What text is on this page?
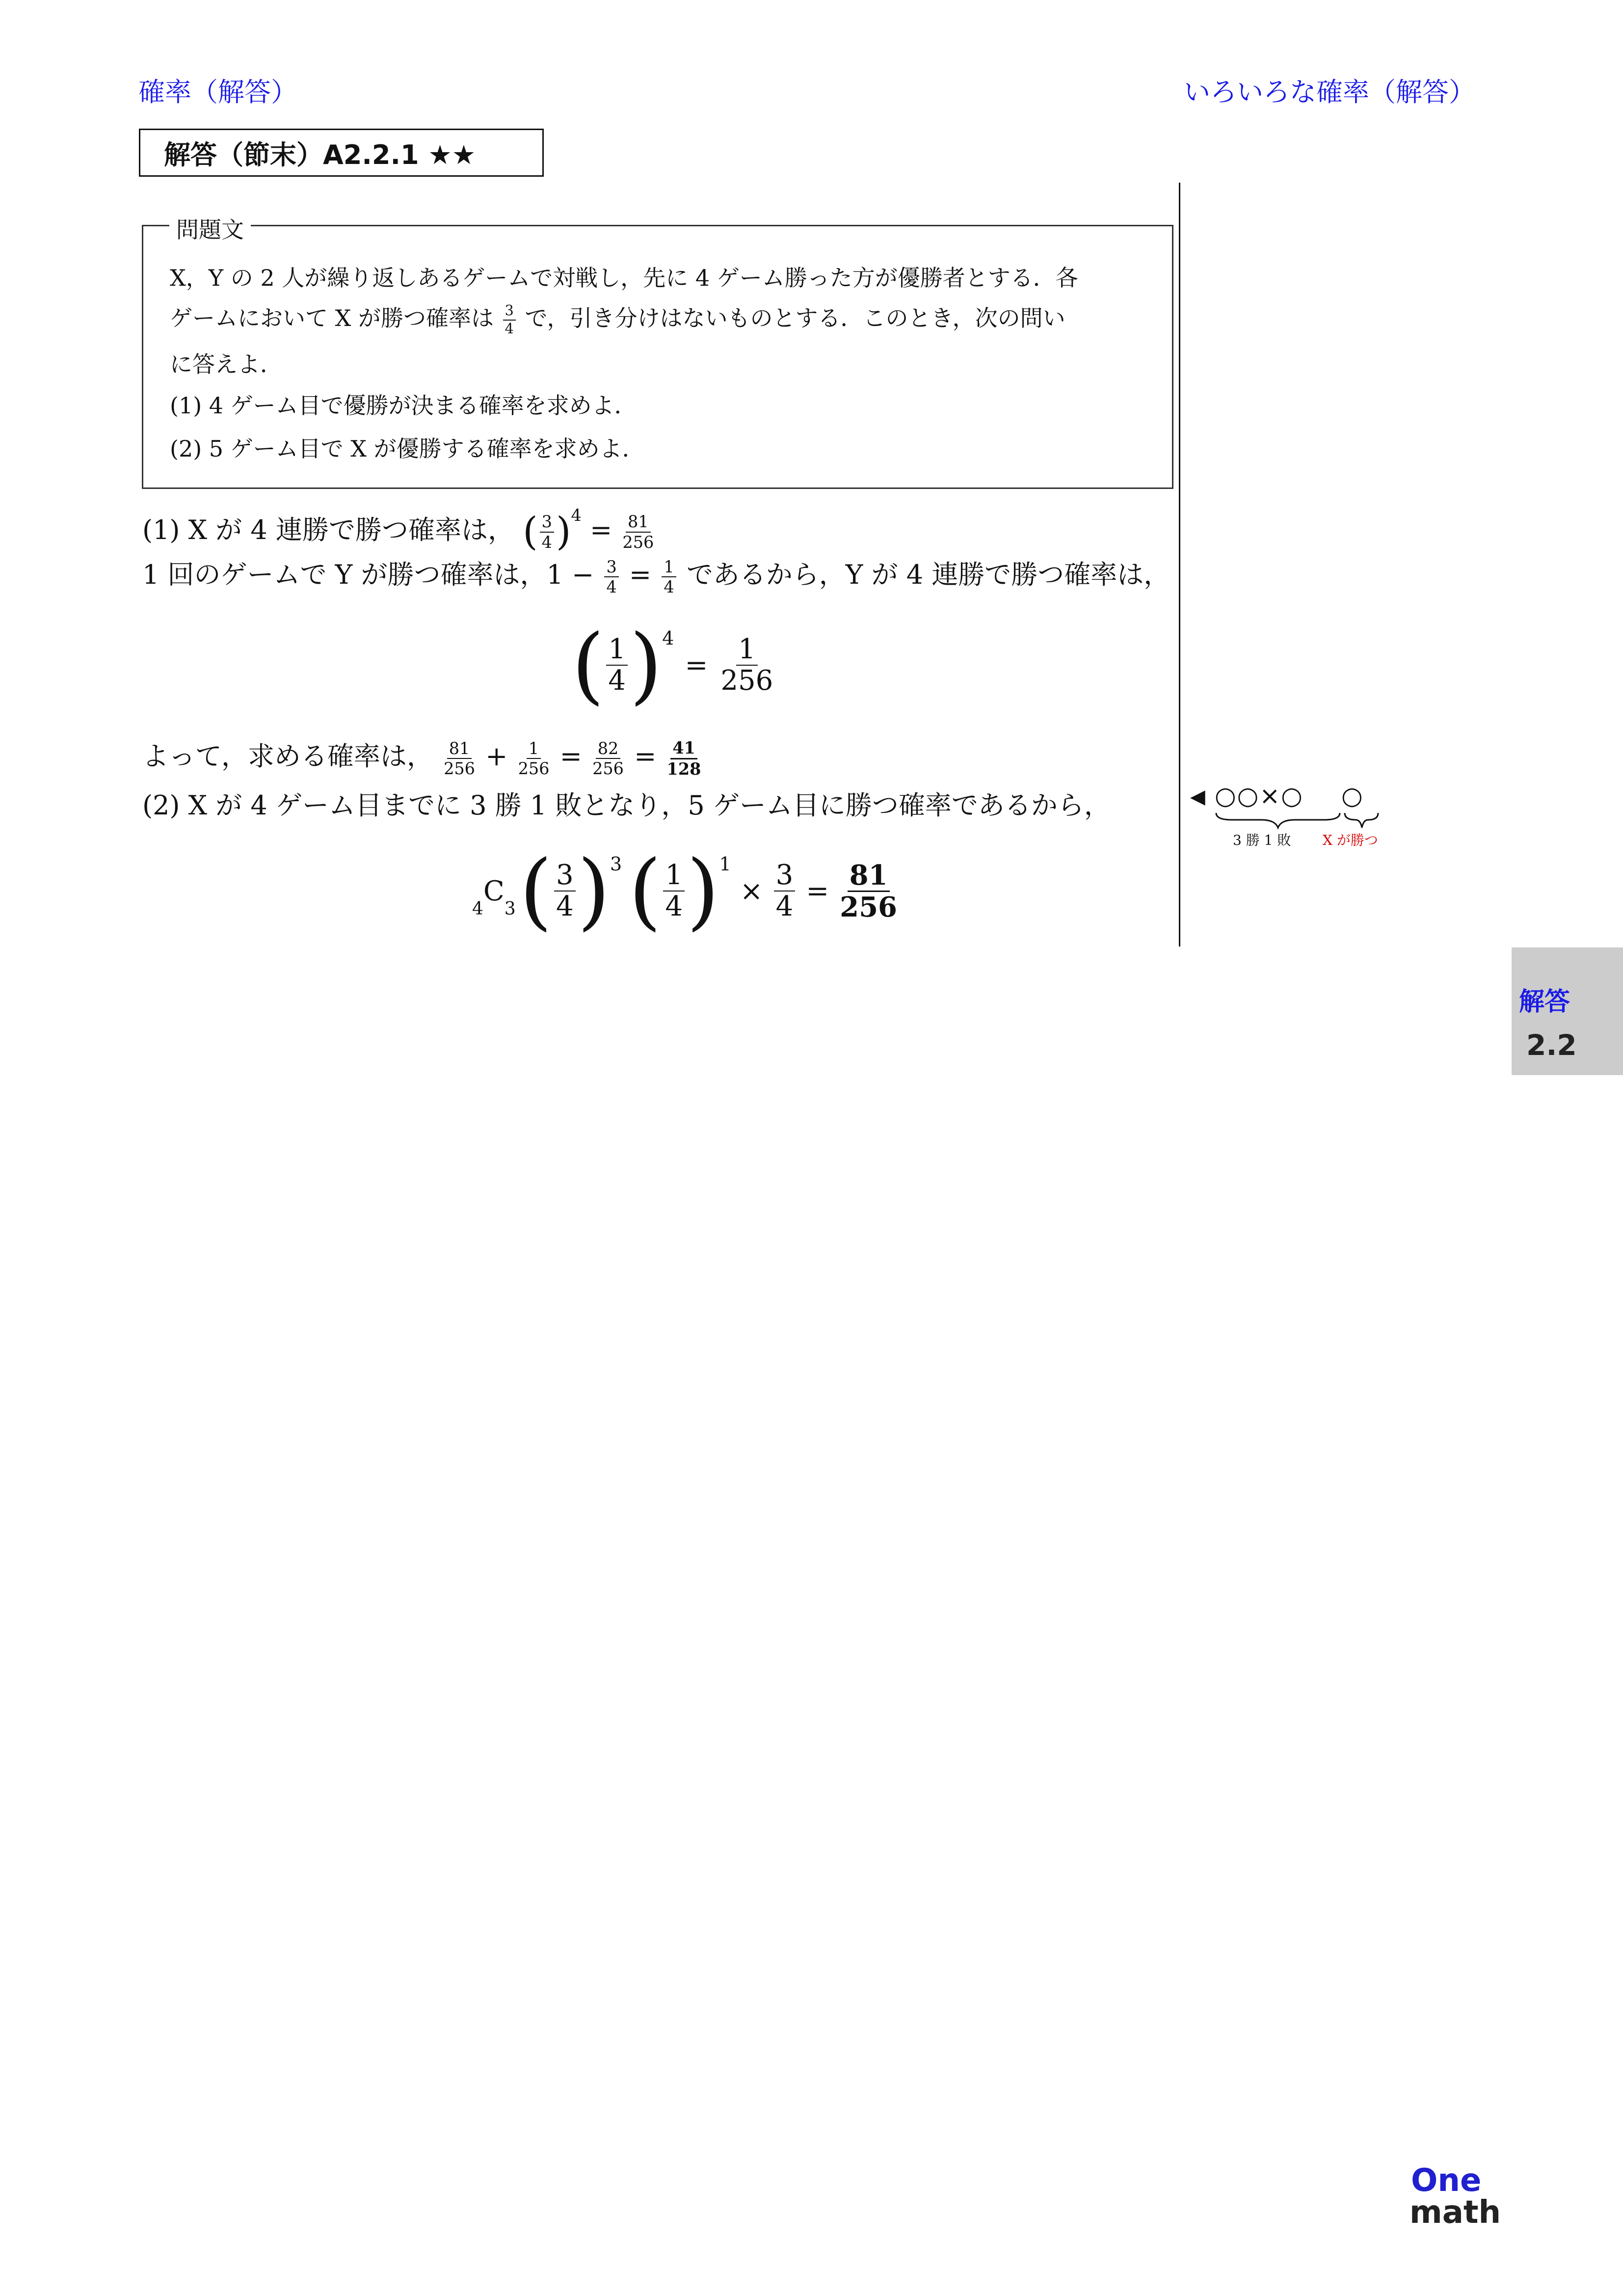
確率（解答）	いろいろな確率（解答）
解答（節末）A2.2.1 ★★
問題文
X，Y の 2 人が繰り返しあるゲームで対戦し，先に 4 ゲーム勝った方が優勝者とする．各
ゲームにおいて X が勝つ確率は $\frac{3}{4}$ で，引き分けはないものとする．このとき，次の問い
に答えよ．
(1) 4 ゲーム目で優勝が決まる確率を求めよ．
(2) 5 ゲーム目で X が優勝する確率を求めよ．
(1) X が 4 連勝で勝つ確率は， ( $\frac{3}{4} )^4 = \frac{81}{256}$
1 回のゲームで Y が勝つ確率は，$1 - \frac{3}{4} = \frac{1}{4}$ であるから，Y が 4 連勝で勝つ確率は，
( $\frac{1}{4}$ ) 4
= $\frac{1}{256}$
よって，求める確率は， $\frac{81}{256} + \frac{1}{256} = \frac{82}{256} = \frac{41}{128}$
(2) X が 4 ゲーム目までに 3 勝 1 敗となり，5 ゲーム目に勝つ確率であるから，
4
C
3 ( $\frac{3}{4}$ ) 3 ( $\frac{1}{4}$ ) 1
× $\frac{3}{4} = \frac{81}{256}$
◀ ○○×○ ○
3 勝 1 敗 X が勝つ
解答
2.2
One
math
